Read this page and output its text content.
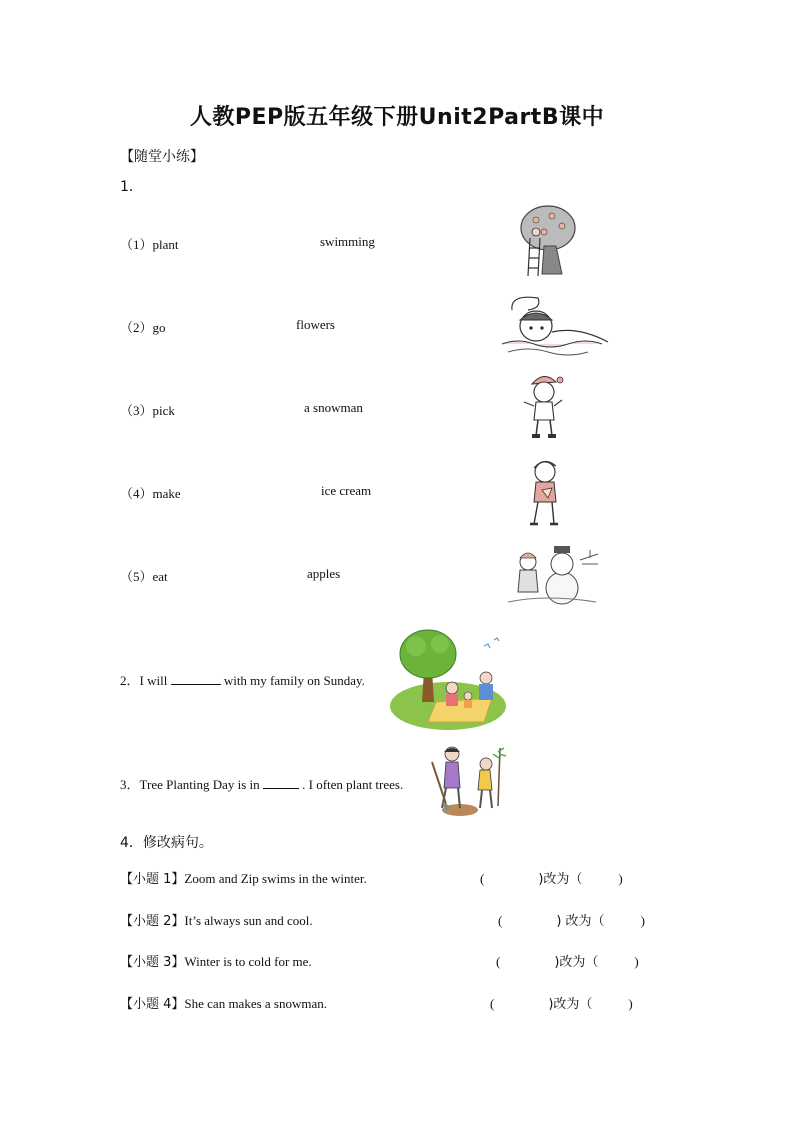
人教PEP版五年级下册Unit2PartB课中
【随堂小练】
1．
（1）plant	swimming
（2）go	flowers
（3）pick	a snowman
（4）make	ice cream
（5）eat	apples
2．I will	with my family on Sunday.
3．Tree Planting Day is in	. I often plant trees.
4．修改病句。
【小题 1】Zoom and Zip swims in the winter.	(	)改为（	)
【小题 2】It’s always sun and cool.	(	) 改为（	)
【小题 3】Winter is to cold for me.	(	)改为（	)
【小题 4】She can makes a snowman.	(	)改为（	)
